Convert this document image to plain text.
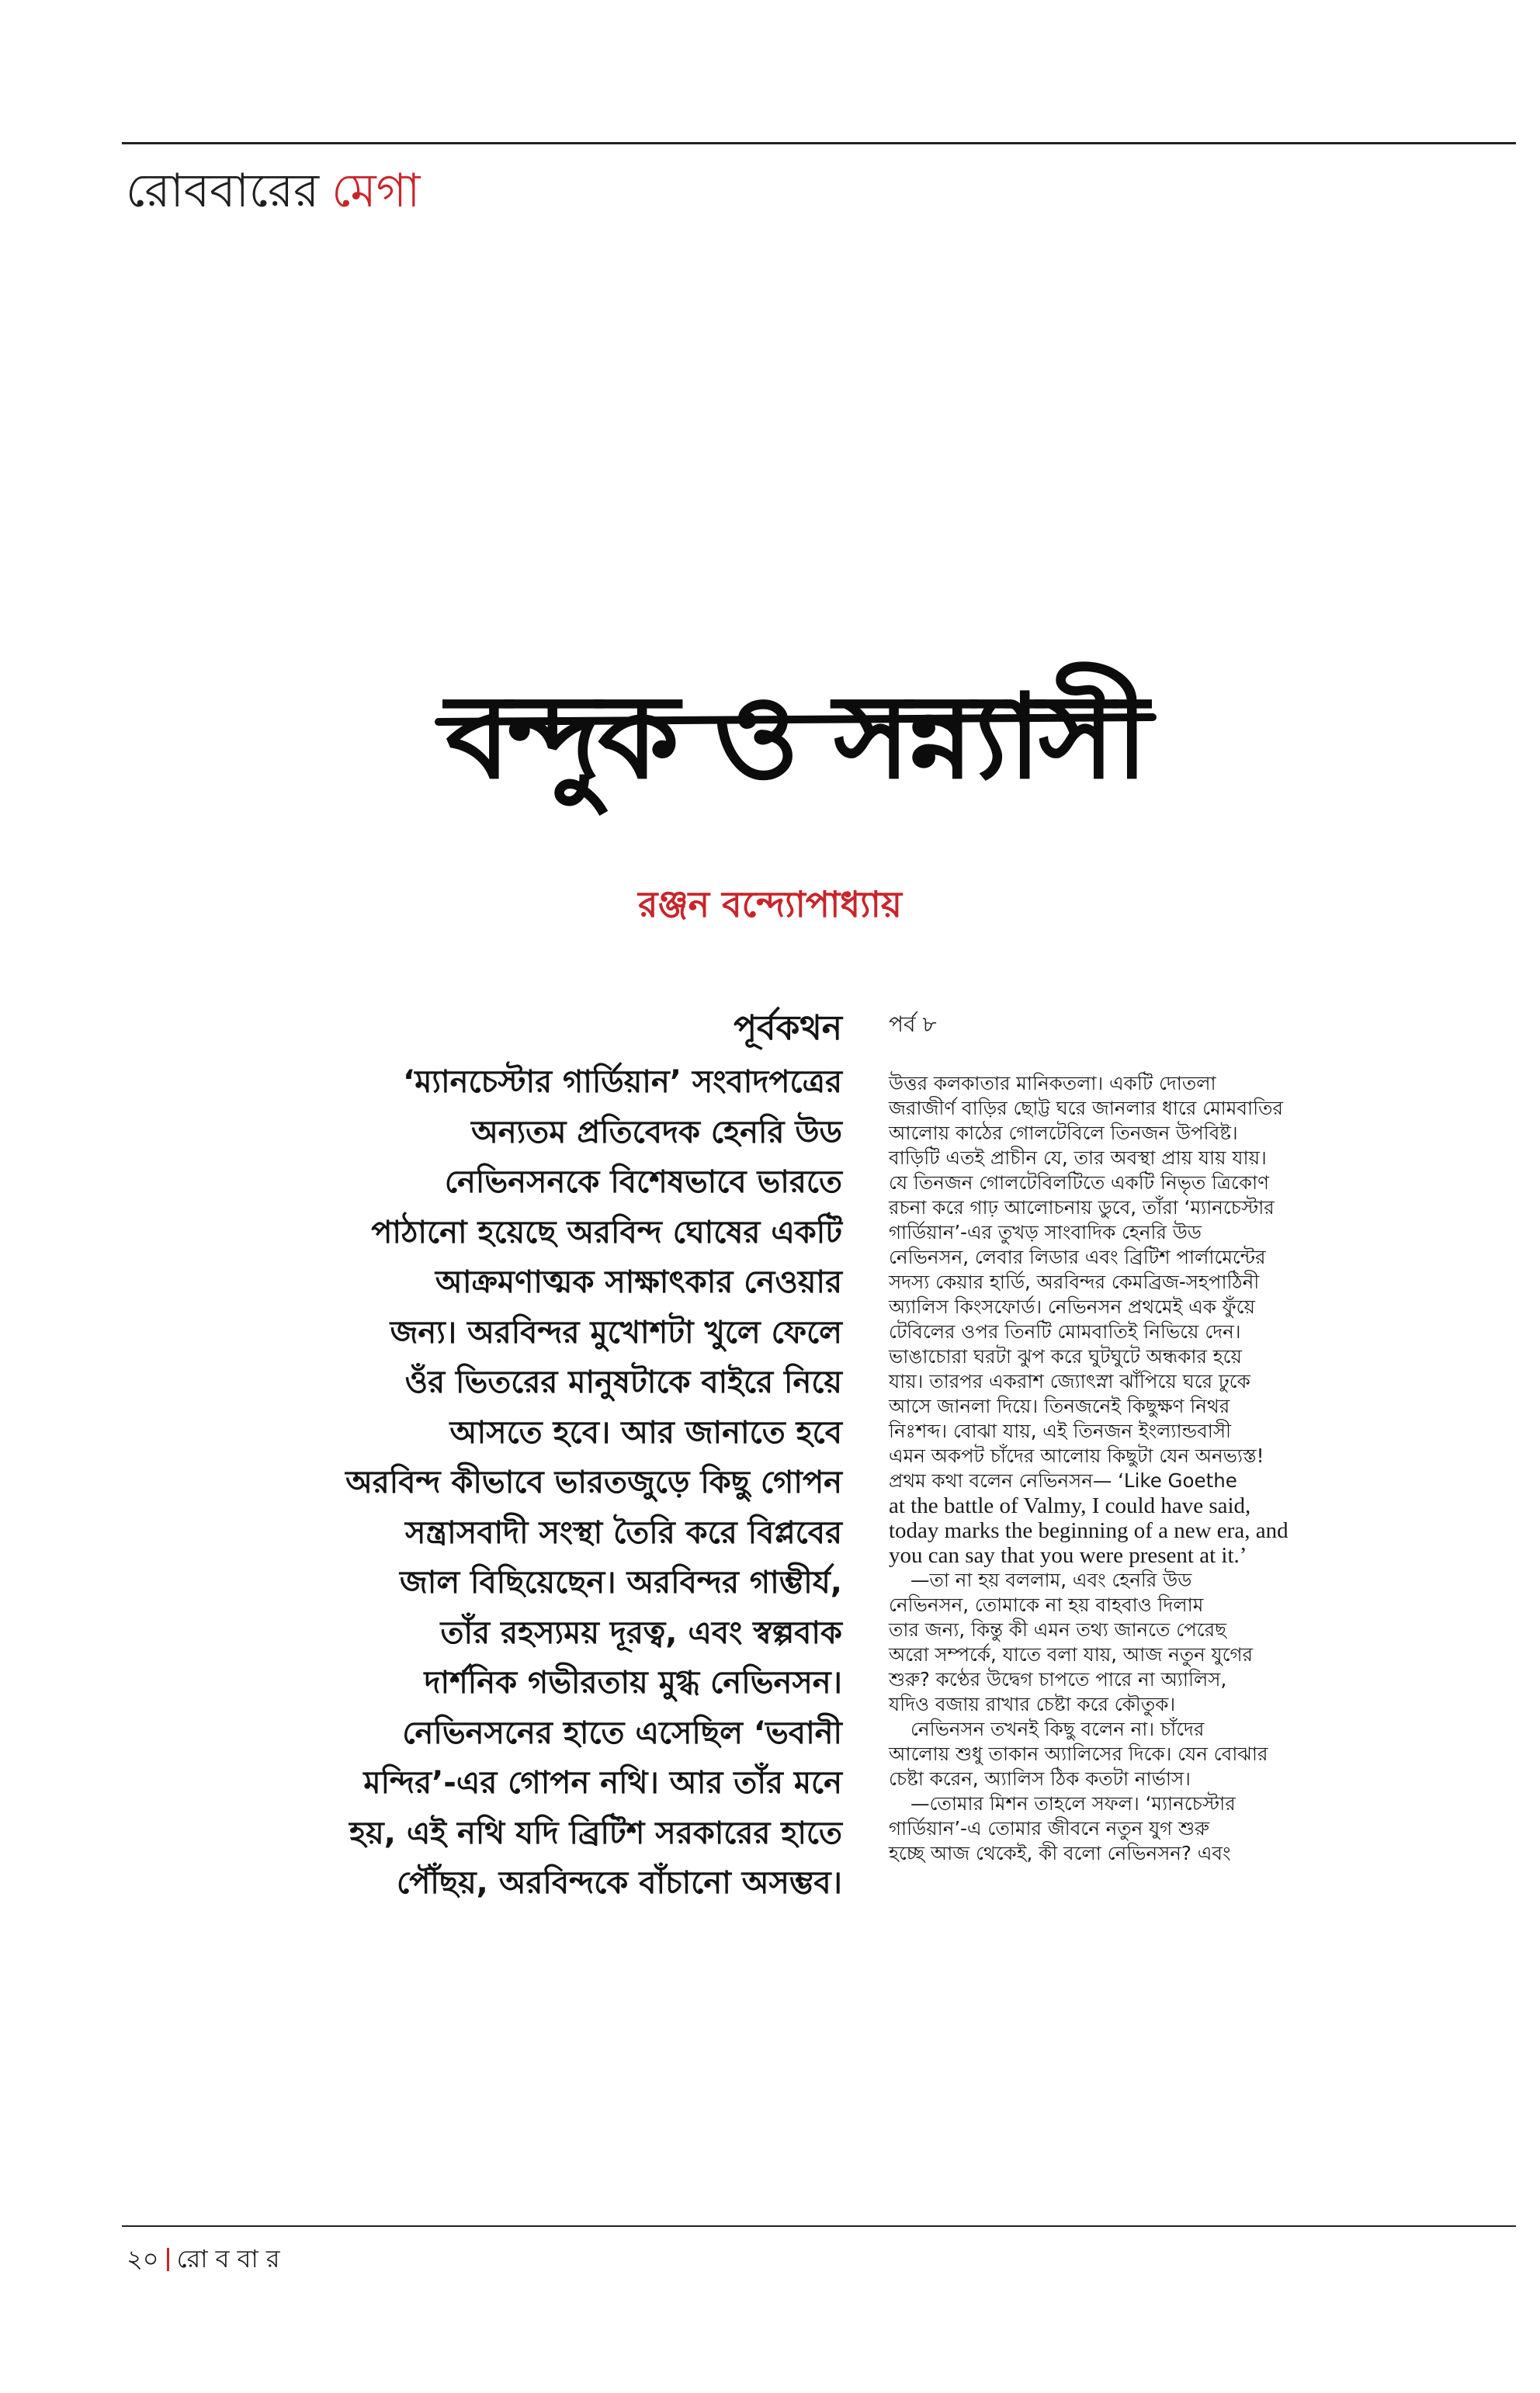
রোববারের মেগা
বন্দুক ও সন্ন্যাসী
রঞ্জন বন্দ্যোপাধ্যায়
পূর্বকথন
‘ম্যানচেস্টার গার্ডিয়ান’ সংবাদপত্রের
অন্যতম প্রতিবেদক হেনরি উড
নেভিনসনকে বিশেষভাবে ভারতে
পাঠানো হয়েছে অরবিন্দ ঘোষের একটি
আক্রমণাত্মক সাক্ষাৎকার নেওয়ার
জন্য। অরবিন্দর মুখোশটা খুলে ফেলে
ওঁর ভিতরের মানুষটাকে বাইরে নিয়ে
আসতে হবে। আর জানাতে হবে
অরবিন্দ কীভাবে ভারতজুড়ে কিছু গোপন
সন্ত্রাসবাদী সংস্থা তৈরি করে বিপ্লবের
জাল বিছিয়েছেন। অরবিন্দর গাম্ভীর্য,
তাঁর রহস্যময় দূরত্ব, এবং স্বল্পবাক
দার্শনিক গভীরতায় মুগ্ধ নেভিনসন।
নেভিনসনের হাতে এসেছিল ‘ভবানী
মন্দির’-এর গোপন নথি। আর তাঁর মনে
হয়, এই নথি যদি ব্রিটিশ সরকারের হাতে
পৌঁছয়, অরবিন্দকে বাঁচানো অসম্ভব।
পর্ব ৮
উত্তর কলকাতার মানিকতলা। একটি দোতলা
জরাজীর্ণ বাড়ির ছোট্ট ঘরে জানলার ধারে মোমবাতির
আলোয় কাঠের গোলটেবিলে তিনজন উপবিষ্ট।
বাড়িটি এতই প্রাচীন যে, তার অবস্থা প্রায় যায় যায়।
যে তিনজন গোলটেবিলটিতে একটি নিভৃত ত্রিকোণ
রচনা করে গাঢ় আলোচনায় ডুবে, তাঁরা ‘ম্যানচেস্টার
গার্ডিয়ান’-এর তুখড় সাংবাদিক হেনরি উড
নেভিনসন, লেবার লিডার এবং ব্রিটিশ পার্লামেন্টের
সদস্য কেয়ার হার্ডি, অরবিন্দর কেমব্রিজ-সহপাঠিনী
অ্যালিস কিংসফোর্ড। নেভিনসন প্রথমেই এক ফুঁয়ে
টেবিলের ওপর তিনটি মোমবাতিই নিভিয়ে দেন।
ভাঙাচোরা ঘরটা ঝুপ করে ঘুটঘুটে অন্ধকার হয়ে
যায়। তারপর একরাশ জ্যোৎস্না ঝাঁপিয়ে ঘরে ঢুকে
আসে জানলা দিয়ে। তিনজনেই কিছুক্ষণ নিথর
নিঃশব্দ। বোঝা যায়, এই তিনজন ইংল্যান্ডবাসী
এমন অকপট চাঁদের আলোয় কিছুটা যেন অনভ্যস্ত!
প্রথম কথা বলেন নেভিনসন— ‘Like Goethe
at the battle of Valmy, I could have said,
today marks the beginning of a new era, and
you can say that you were present at it.’
—তা না হয় বললাম, এবং হেনরি উড
নেভিনসন, তোমাকে না হয় বাহবাও দিলাম
তার জন্য, কিন্তু কী এমন তথ্য জানতে পেরেছ
অরো সম্পর্কে, যাতে বলা যায়, আজ নতুন যুগের
শুরু? কণ্ঠের উদ্বেগ চাপতে পারে না অ্যালিস,
যদিও বজায় রাখার চেষ্টা করে কৌতুক।
নেভিনসন তখনই কিছু বলেন না। চাঁদের
আলোয় শুধু তাকান অ্যালিসের দিকে। যেন বোঝার
চেষ্টা করেন, অ্যালিস ঠিক কতটা নার্ভাস।
—তোমার মিশন তাহলে সফল। ‘ম্যানচেস্টার
গার্ডিয়ান’-এ তোমার জীবনে নতুন যুগ শুরু
হচ্ছে আজ থেকেই, কী বলো নেভিনসন? এবং
২০ রো ব বা র
